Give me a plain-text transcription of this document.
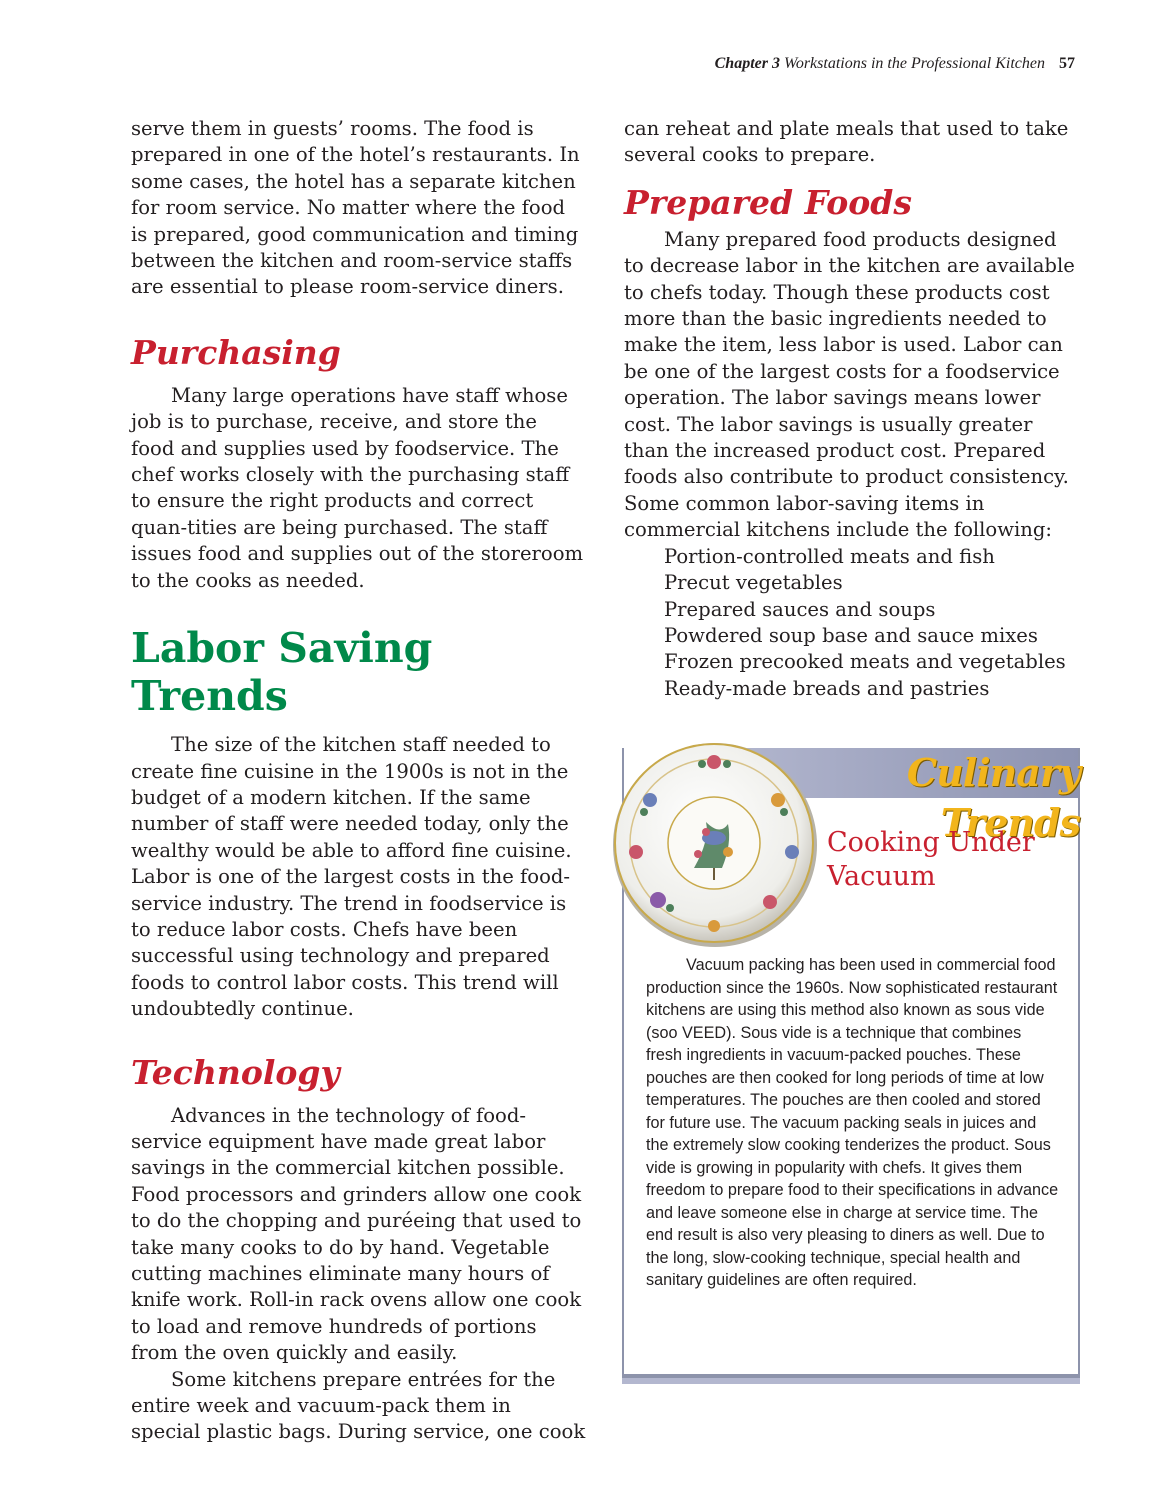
Chapter 3 Workstations in the Professional Kitchen 57

serve them in guests’ rooms. The food is prepared in one of the hotel’s restaurants. In some cases, the hotel has a separate kitchen for room service. No matter where the food is prepared, good communication and timing between the kitchen and room-service staffs are essential to please room-service diners.

Purchasing

Many large operations have staff whose job is to purchase, receive, and store the food and supplies used by foodservice. The chef works closely with the purchasing staff to ensure the right products and correct quan-tities are being purchased. The staff issues food and supplies out of the storeroom to the cooks as needed.

Labor Saving Trends

The size of the kitchen staff needed to create fine cuisine in the 1900s is not in the budget of a modern kitchen. If the same number of staff were needed today, only the wealthy would be able to afford fine cuisine. Labor is one of the largest costs in the food-service industry. The trend in foodservice is to reduce labor costs. Chefs have been successful using technology and prepared foods to control labor costs. This trend will undoubtedly continue.

Technology

Advances in the technology of food-service equipment have made great labor savings in the commercial kitchen possible. Food processors and grinders allow one cook to do the chopping and puréeing that used to take many cooks to do by hand. Vegetable cutting machines eliminate many hours of knife work. Roll-in rack ovens allow one cook to load and remove hundreds of portions from the oven quickly and easily.

Some kitchens prepare entrées for the entire week and vacuum-pack them in special plastic bags. During service, one cook

can reheat and plate meals that used to take several cooks to prepare.

Prepared Foods

Many prepared food products designed to decrease labor in the kitchen are available to chefs today. Though these products cost more than the basic ingredients needed to make the item, less labor is used. Labor can be one of the largest costs for a foodservice operation. The labor savings means lower cost. The labor savings is usually greater than the increased product cost. Prepared foods also contribute to product consistency. Some common labor-saving items in commercial kitchens include the following:

Portion-controlled meats and fish
Precut vegetables
Prepared sauces and soups
Powdered soup base and sauce mixes
Frozen precooked meats and vegetables
Ready-made breads and pastries
Culinary Trends
Cooking Under Vacuum

Vacuum packing has been used in commercial food production since the 1960s. Now sophisticated restaurant kitchens are using this method also known as sous vide (soo VEED). Sous vide is a technique that combines fresh ingredients in vacuum-packed pouches. These pouches are then cooked for long periods of time at low temperatures. The pouches are then cooled and stored for future use. The vacuum packing seals in juices and the extremely slow cooking tenderizes the product. Sous vide is growing in popularity with chefs. It gives them freedom to prepare food to their specifications in advance and leave someone else in charge at service time. The end result is also very pleasing to diners as well. Due to the long, slow-cooking technique, special health and sanitary guidelines are often required.
